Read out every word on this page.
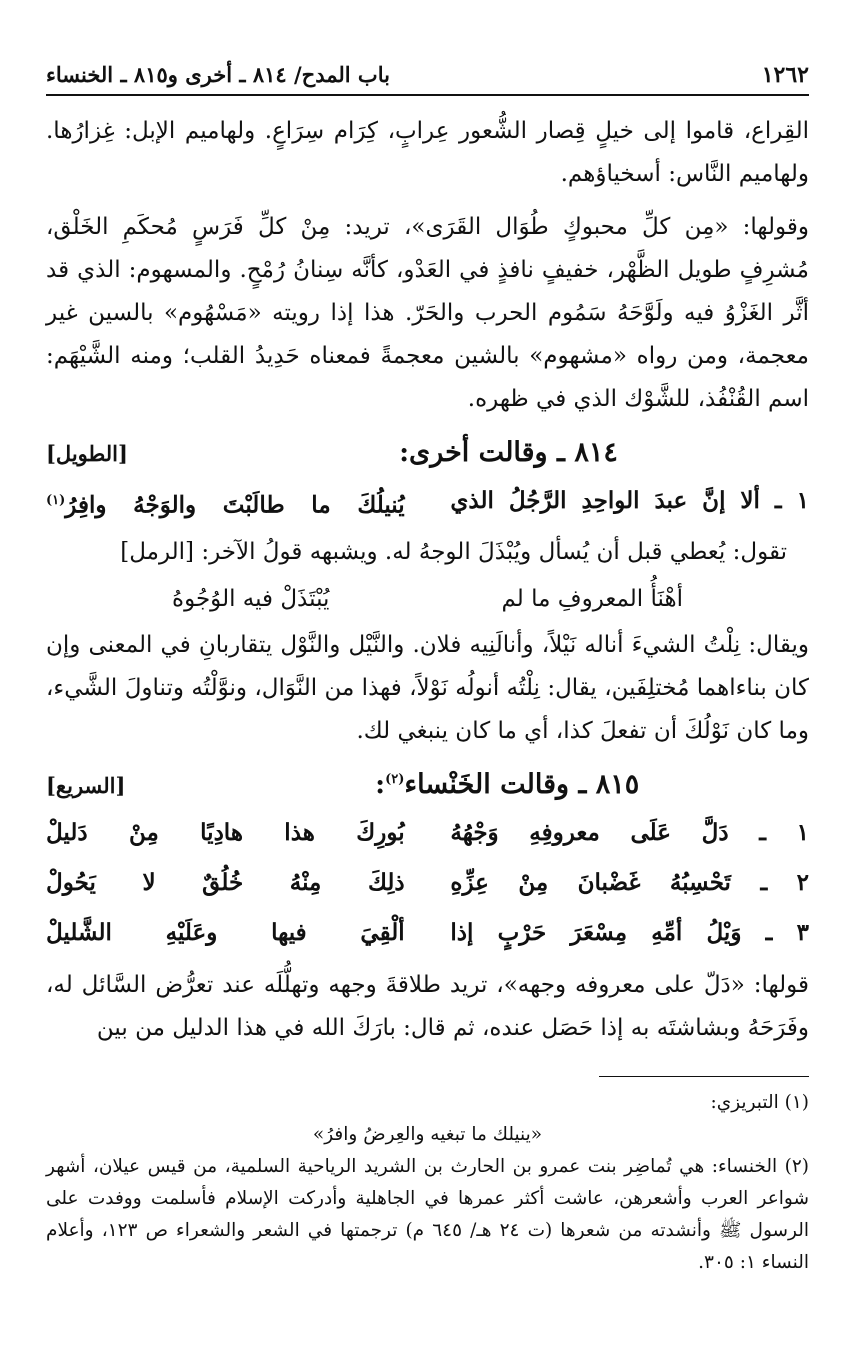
١٢٦٢
باب المدح/ ٨١٤ ـ أخرى و٨١٥ ـ الخنساء

القِراع، قاموا إلى خيلٍ قِصار الشُّعور عِرابٍ، كِرَام سِرَاعٍ. ولهاميم الإبل: غِزارُها. ولهاميم النَّاس: أسخياؤهم.

وقولها: «مِن كلِّ محبوكٍ طُوَال القَرَى»، تريد: مِنْ كلِّ فَرَسٍ مُحكَمِ الخَلْق، مُشرِفٍ طويل الظَّهْر، خفيفٍ نافذٍ في العَدْو، كأنَّه سِنانُ رُمْحٍ. والمسهوم: الذي قد أثَّر الغَزْوُ فيه ولَوَّحَهُ سَمُوم الحرب والحَرّ. هذا إذا رويته «مَسْهُوم» بالسين غير معجمة، ومن رواه «مشهوم» بالشين معجمةً فمعناه حَدِيدُ القلب؛ ومنه الشَّيْهَم: اسم القُنْفُذ، للشَّوْك الذي في ظهره.

٨١٤ ـ وقالت أخرى:
[الطويل]
١ ـ ألا إنَّ عبدَ الواحِدِ الرَّجُلُ الذي
يُنيلُكَ ما طالَبْتَ والوَجْهُ وافِرُ$^{(١)}$

تقول: يُعطي قبل أن يُسأل ويُبْذَلَ الوجهُ له. ويشبهه قولُ الآخر: [الرمل]

أهْنَأُ المعروفِ ما لم
يُبْتَذَلْ فيه الوُجُوهُ

ويقال: نِلْتُ الشيءَ أناله نَيْلاً، وأنالَنِيه فلان. والنَّيْل والنَّوْل يتقاربانِ في المعنى وإن كان بناءاهما مُختلِفَين، يقال: نِلْتُه أنولُه نَوْلاً، فهذا من النَّوَال، ونوَّلْتُه وتناولَ الشَّيء، وما كان نَوْلُكَ أن تفعلَ كذا، أي ما كان ينبغي لك.

٨١٥ ـ وقالت الخَنْساء$^{(٢)}$:
[السريع]
١ ـ دَلَّ عَلَى معروفِهِ وَجْهُهُ
بُورِكَ هذا هادِيًا مِنْ دَليلْ
٢ ـ تَحْسِبُهُ غَضْبانَ مِنْ عِزِّهِ
ذلِكَ مِنْهُ خُلُقٌ لا يَحُولْ
٣ ـ وَيْلُ أمِّهِ مِسْعَرَ حَرْبٍ إذا
ألْقِيَ فيها وعَلَيْهِ الشَّليلْ

قولها: «دَلّ على معروفه وجهه»، تريد طلاقةَ وجهه وتهلُّلَه عند تعرُّض السَّائل له، وفَرَحَهُ وبشاشتَه به إذا حَصَل عنده، ثم قال: بارَكَ الله في هذا الدليل من بين

(١) التبريزي:

«ينيلك ما تبغيه والعِرضُ وافرُ»

(٢) الخنساء: هي تُماضِر بنت عمرو بن الحارث بن الشريد الرياحية السلمية، من قيس عيلان، أشهر شواعر العرب وأشعرهن، عاشت أكثر عمرها في الجاهلية وأدركت الإسلام فأسلمت ووفدت على الرسول ﷺ وأنشدته من شعرها (ت ٢٤ هـ/ ٦٤٥ م) ترجمتها في الشعر والشعراء ص ١٢٣، وأعلام النساء ١: ٣٠٥.
